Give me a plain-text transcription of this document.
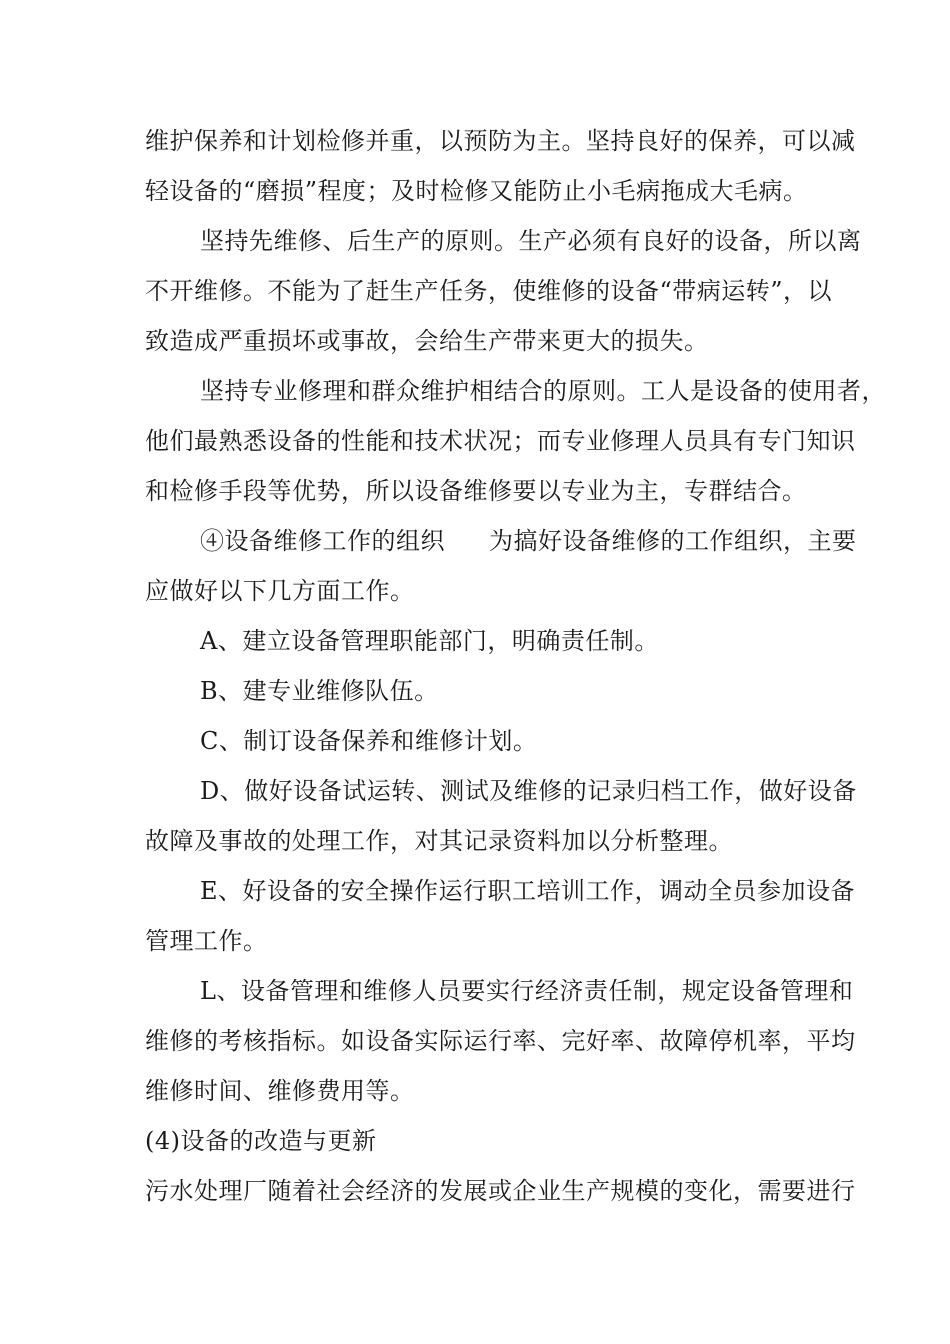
维护保养和计划检修并重，以预防为主。坚持良好的保养，可以减
轻设备的“磨损”程度；及时检修又能防止小毛病拖成大毛病。
坚持先维修、后生产的原则。生产必须有良好的设备，所以离
不开维修。不能为了赶生产任务，使维修的设备“带病运转”，以
致造成严重损坏或事故，会给生产带来更大的损失。
坚持专业修理和群众维护相结合的原则。工人是设备的使用者，
他们最熟悉设备的性能和技术状况；而专业修理人员具有专门知识
和检修手段等优势，所以设备维修要以专业为主，专群结合。
④设备维修工作的组织 为搞好设备维修的工作组织，主要
应做好以下几方面工作。
A、建立设备管理职能部门，明确责任制。
B、建专业维修队伍。
C、制订设备保养和维修计划。
D、做好设备试运转、测试及维修的记录归档工作，做好设备
故障及事故的处理工作，对其记录资料加以分析整理。
E、好设备的安全操作运行职工培训工作，调动全员参加设备
管理工作。
L、设备管理和维修人员要实行经济责任制，规定设备管理和
维修的考核指标。如设备实际运行率、完好率、故障停机率，平均
维修时间、维修费用等。
(4)设备的改造与更新
污水处理厂随着社会经济的发展或企业生产规模的变化，需要进行
